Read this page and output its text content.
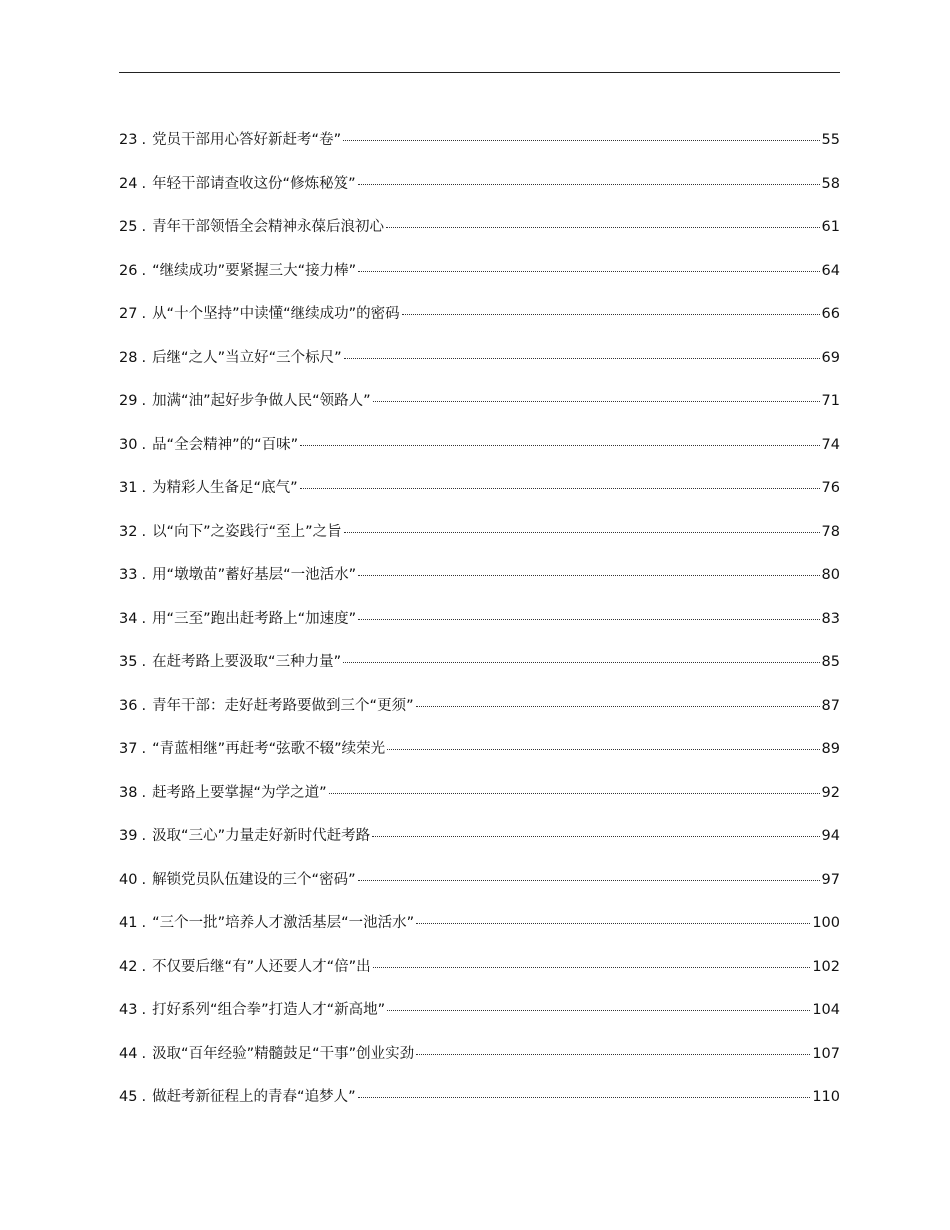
23 . 党员干部用心答好新赶考“卷”	55
24 . 年轻干部请查收这份“修炼秘笈”	58
25 . 青年干部领悟全会精神永葆后浪初心	61
26 . “继续成功”要紧握三大“接力棒”	64
27 . 从“十个坚持”中读懂“继续成功”的密码	66
28 . 后继“之人”当立好“三个标尺”	69
29 . 加满“油”起好步争做人民“领路人”	71
30 . 品“全会精神”的“百味”	74
31 . 为精彩人生备足“底气”	76
32 . 以“向下”之姿践行“至上”之旨	78
33 . 用“墩墩苗”蓄好基层“一池活水”	80
34 . 用“三至”跑出赶考路上“加速度”	83
35 . 在赶考路上要汲取“三种力量”	85
36 . 青年干部：走好赶考路要做到三个“更须”	87
37 . “青蓝相继”再赶考“弦歌不辍”续荣光	89
38 . 赶考路上要掌握“为学之道”	92
39 . 汲取“三心”力量走好新时代赶考路	94
40 . 解锁党员队伍建设的三个“密码”	97
41 . “三个一批”培养人才激活基层“一池活水”	100
42 . 不仅要后继“有”人还要人才“倍”出	102
43 . 打好系列“组合拳”打造人才“新高地”	104
44 . 汲取“百年经验”精髓鼓足“干事”创业实劲	107
45 . 做赶考新征程上的青春“追梦人”	110
